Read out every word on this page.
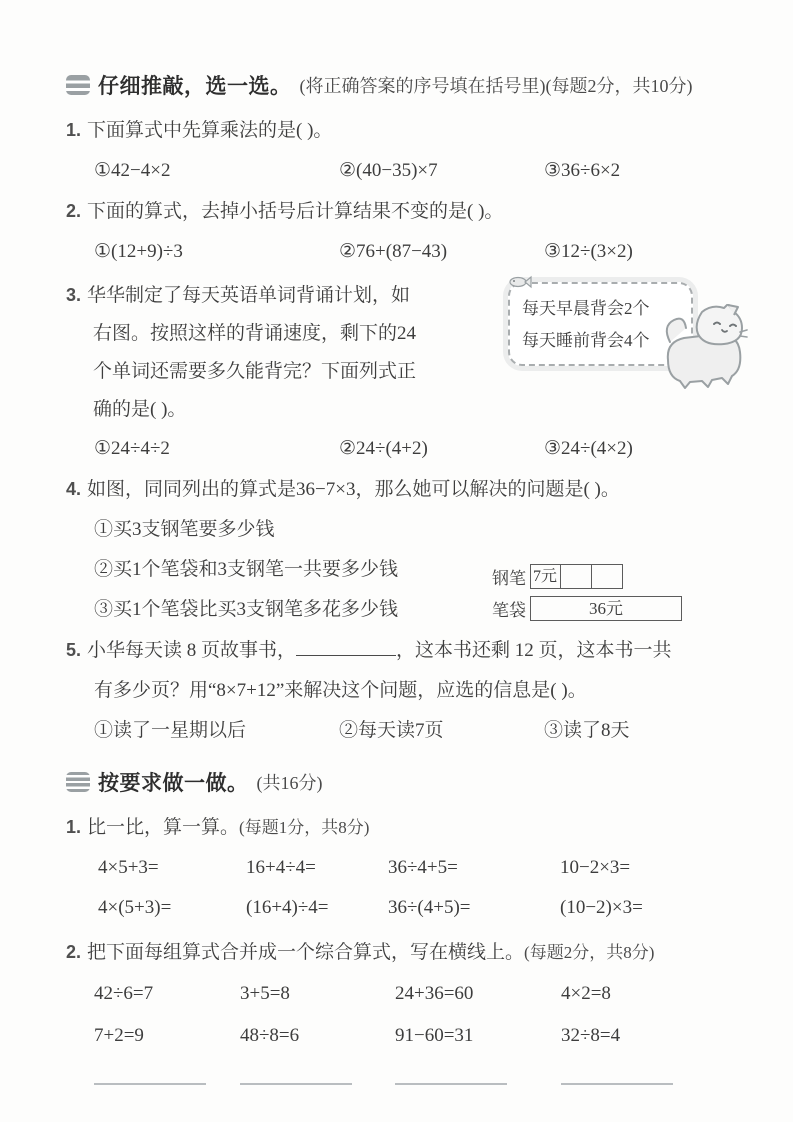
仔细推敲，选一选。 (将正确答案的序号填在括号里)(每题2分，共10分)
1. 下面算式中先算乘法的是( )。
①42−4×2	②(40−35)×7	③36÷6×2
2. 下面的算式，去掉小括号后计算结果不变的是( )。
①(12+9)÷3	②76+(87−43)	③12÷(3×2)
3. 华华制定了每天英语单词背诵计划，如
右图。按照这样的背诵速度，剩下的24
个单词还需要多久能背完？下面列式正
确的是( )。
每天早晨背会2个
每天睡前背会4个
①24÷4÷2	②24÷(4+2)	③24÷(4×2)
4. 如图，同同列出的算式是36−7×3，那么她可以解决的问题是( )。
①买3支钢笔要多少钱
②买1个笔袋和3支钢笔一共要多少钱
③买1个笔袋比买3支钢笔多花多少钱
钢笔 7元
笔袋	36元
5. 小华每天读 8 页故事书，	，这本书还剩 12 页，这本书一共
有多少页？用“8×7+12”来解决这个问题，应选的信息是( )。
①读了一星期以后	②每天读7页	③读了8天
按要求做一做。 (共16分)
1. 比一比，算一算。 (每题1分，共8分)
4×5+3=	16+4÷4=	36÷4+5=	10−2×3=
4×(5+3)=	(16+4)÷4=	36÷(4+5)=	(10−2)×3=
2. 把下面每组算式合并成一个综合算式，写在横线上。 (每题2分，共8分)
42÷6=7	3+5=8	24+36=60	4×2=8
7+2=9	48÷8=6	91−60=31	32÷8=4
